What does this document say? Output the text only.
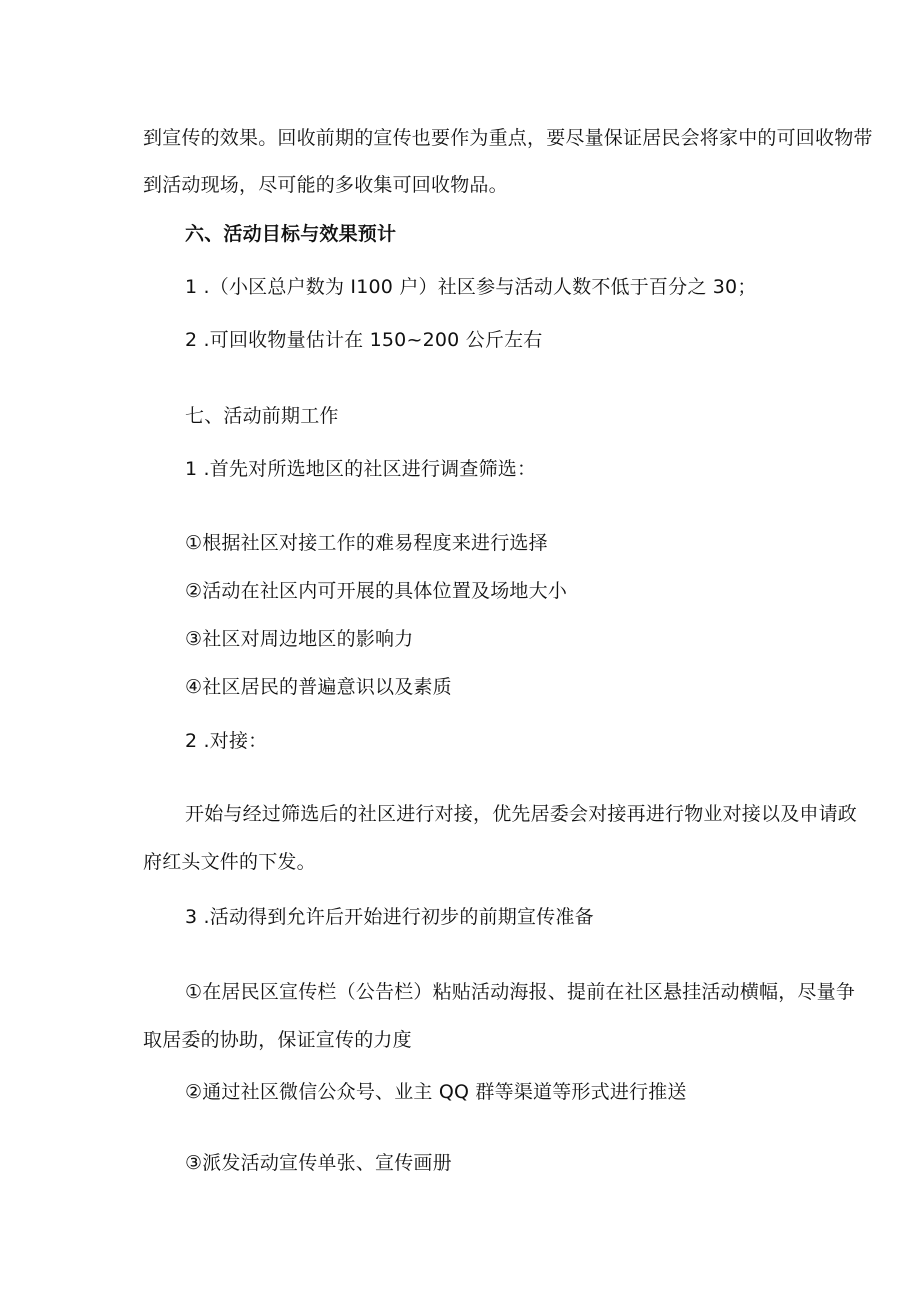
到宣传的效果。回收前期的宣传也要作为重点，要尽量保证居民会将家中的可回收物带
到活动现场，尽可能的多收集可回收物品。
六、活动目标与效果预计
1 .（小区总户数为 I100 户）社区参与活动人数不低于百分之 30；
2 .可回收物量估计在 150~200 公斤左右
七、活动前期工作
1 .首先对所选地区的社区进行调查筛选：
①根据社区对接工作的难易程度来进行选择
②活动在社区内可开展的具体位置及场地大小
③社区对周边地区的影响力
④社区居民的普遍意识以及素质
2 .对接：
开始与经过筛选后的社区进行对接，优先居委会对接再进行物业对接以及申请政
府红头文件的下发。
3 .活动得到允许后开始进行初步的前期宣传准备
①在居民区宣传栏（公告栏）粘贴活动海报、提前在社区悬挂活动横幅，尽量争
取居委的协助，保证宣传的力度
②通过社区微信公众号、业主 QQ 群等渠道等形式进行推送
③派发活动宣传单张、宣传画册
